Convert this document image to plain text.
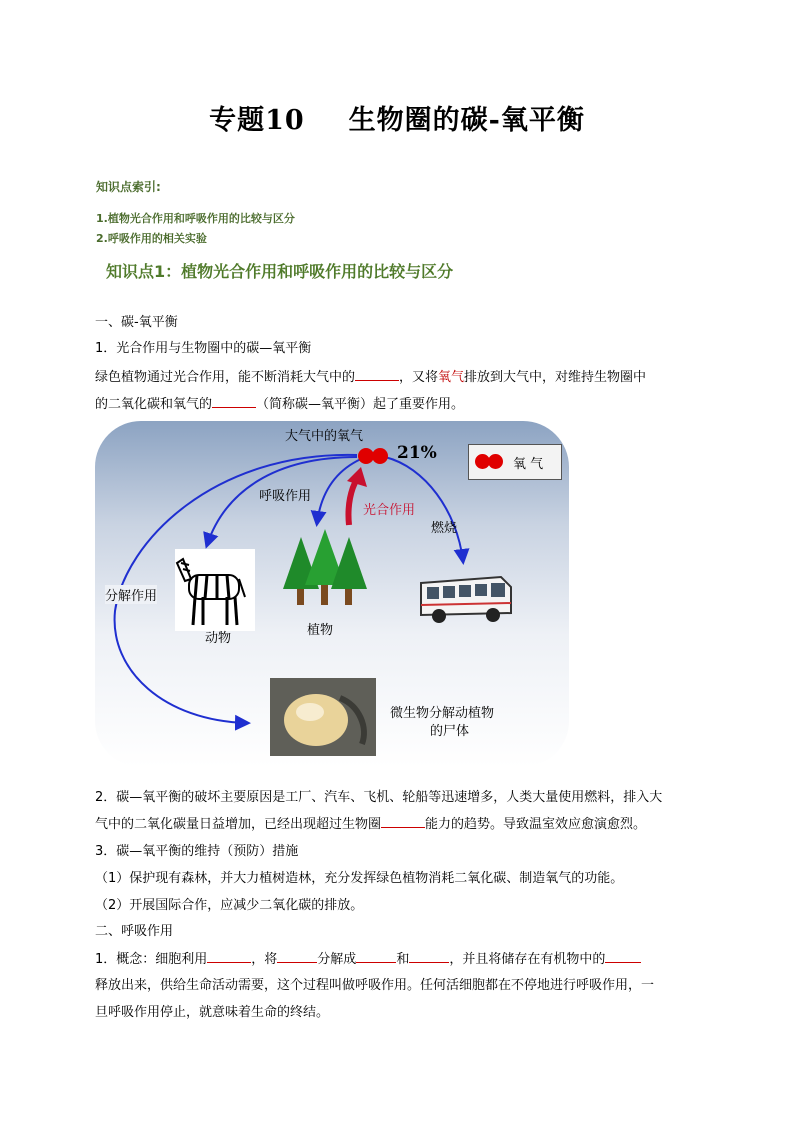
专题10 生物圈的碳-氧平衡
知识点索引:
1.植物光合作用和呼吸作用的比较与区分
2.呼吸作用的相关实验
知识点1：植物光合作用和呼吸作用的比较与区分
一、碳-氧平衡
1．光合作用与生物圈中的碳—氧平衡
绿色植物通过光合作用，能不断消耗大气中的	，又将氧气排放到大气中，对维持生物圈中
的二氧化碳和氧气的	（简称碳—氧平衡）起了重要作用。
大气中的氧气
21%
氧 气
呼吸作用
光合作用
燃烧
分解作用
动物
植物
微生物分解动植物
的尸体
2．碳—氧平衡的破坏主要原因是工厂、汽车、飞机、轮船等迅速增多，人类大量使用燃料，排入大
气中的二氧化碳量日益增加，已经出现超过生物圈	能力的趋势。导致温室效应愈演愈烈。
3．碳—氧平衡的维持（预防）措施
（1）保护现有森林，并大力植树造林，充分发挥绿色植物消耗二氧化碳、制造氧气的功能。
（2）开展国际合作，应减少二氧化碳的排放。
二、呼吸作用
1．概念：细胞利用	，将	分解成	和	，并且将储存在有机物中的
释放出来，供给生命活动需要，这个过程叫做呼吸作用。任何活细胞都在不停地进行呼吸作用，一
旦呼吸作用停止，就意味着生命的终结。
